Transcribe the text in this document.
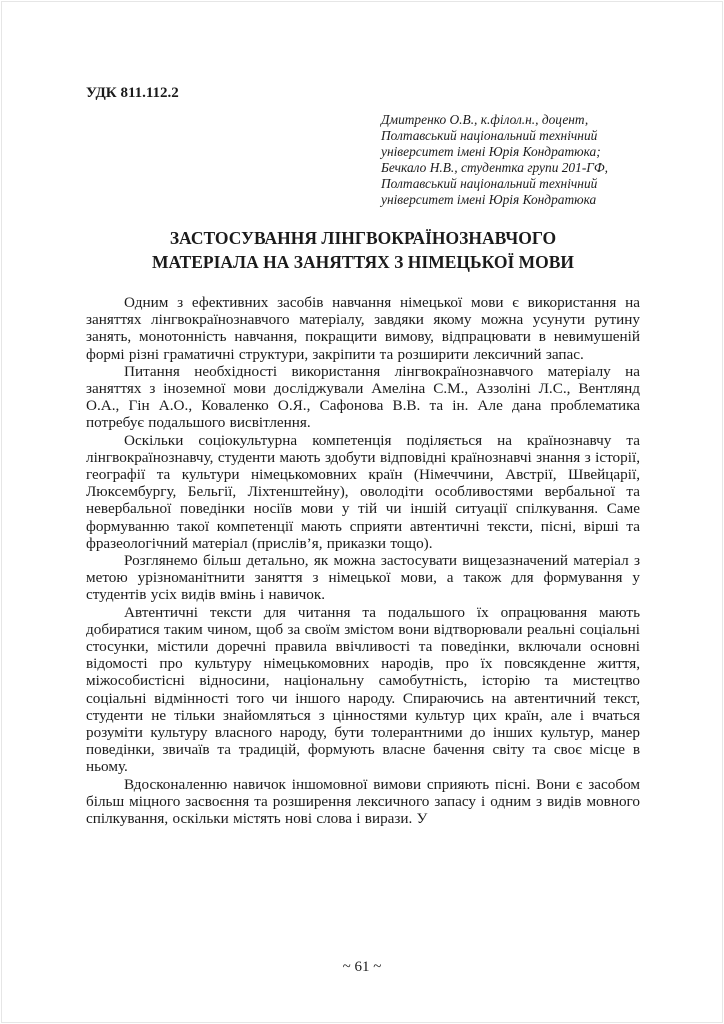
УДК 811.112.2
Дмитренко О.В., к.філол.н., доцент,
Полтавський національний технічний
університет імені Юрія Кондратюка;
Бечкало Н.В., студентка групи 201-ГФ,
Полтавський національний технічний
університет імені Юрія Кондратюка
ЗАСТОСУВАННЯ ЛІНГВОКРАЇНОЗНАВЧОГО
МАТЕРІАЛА НА ЗАНЯТТЯХ З НІМЕЦЬКОЇ МОВИ

Одним з ефективних засобів навчання німецької мови є використання на заняттях лінгвокраїнознавчого матеріалу, завдяки якому можна усунути рутину занять, монотонність навчання, покращити вимову, відпрацювати в невимушеній формі різні граматичні структури, закріпити та розширити лексичний запас.

Питання необхідності використання лінгвокраїнознавчого матеріалу на заняттях з іноземної мови досліджували Амеліна С.М., Аззоліні Л.С., Вентлянд О.А., Гін А.О., Коваленко О.Я., Сафонова В.В. та ін. Але дана проблематика потребує подальшого висвітлення.

Оскільки соціокультурна компетенція поділяється на країнознавчу та лінгвокраїнознавчу, студенти мають здобути відповідні країнознавчі знання з історії, географії та культури німецькомовних країн (Німеччини, Австрії, Швейцарії, Люксембургу, Бельгії, Ліхтенштейну), оволодіти особливостями вербальної та невербальної поведінки носіїв мови у тій чи іншій ситуації спілкування. Саме формуванню такої компетенції мають сприяти автентичні тексти, пісні, вірші та фразеологічний матеріал (прислів’я, приказки тощо).

Розглянемо більш детально, як можна застосувати вищезазначений матеріал з метою урізноманітнити заняття з німецької мови, а також для формування у студентів усіх видів вмінь і навичок.

Автентичні тексти для читання та подальшого їх опрацювання мають добиратися таким чином, щоб за своїм змістом вони відтворювали реальні соціальні стосунки, містили доречні правила ввічливості та поведінки, включали основні відомості про культуру німецькомовних народів, про їх повсякденне життя, міжособистісні відносини, національну самобутність, історію та мистецтво соціальні відмінності того чи іншого народу. Спираючись на автентичний текст, студенти не тільки знайомляться з цінностями культур цих країн, але і вчаться розуміти культуру власного народу, бути толерантними до інших культур, манер поведінки, звичаїв та традицій, формують власне бачення світу та своє місце в ньому.

Вдосконаленню навичок іншомовної вимови сприяють пісні. Вони є засобом більш міцного засвоєння та розширення лексичного запасу і одним з видів мовного спілкування, оскільки містять нові слова і вирази. У

~ 61 ~
